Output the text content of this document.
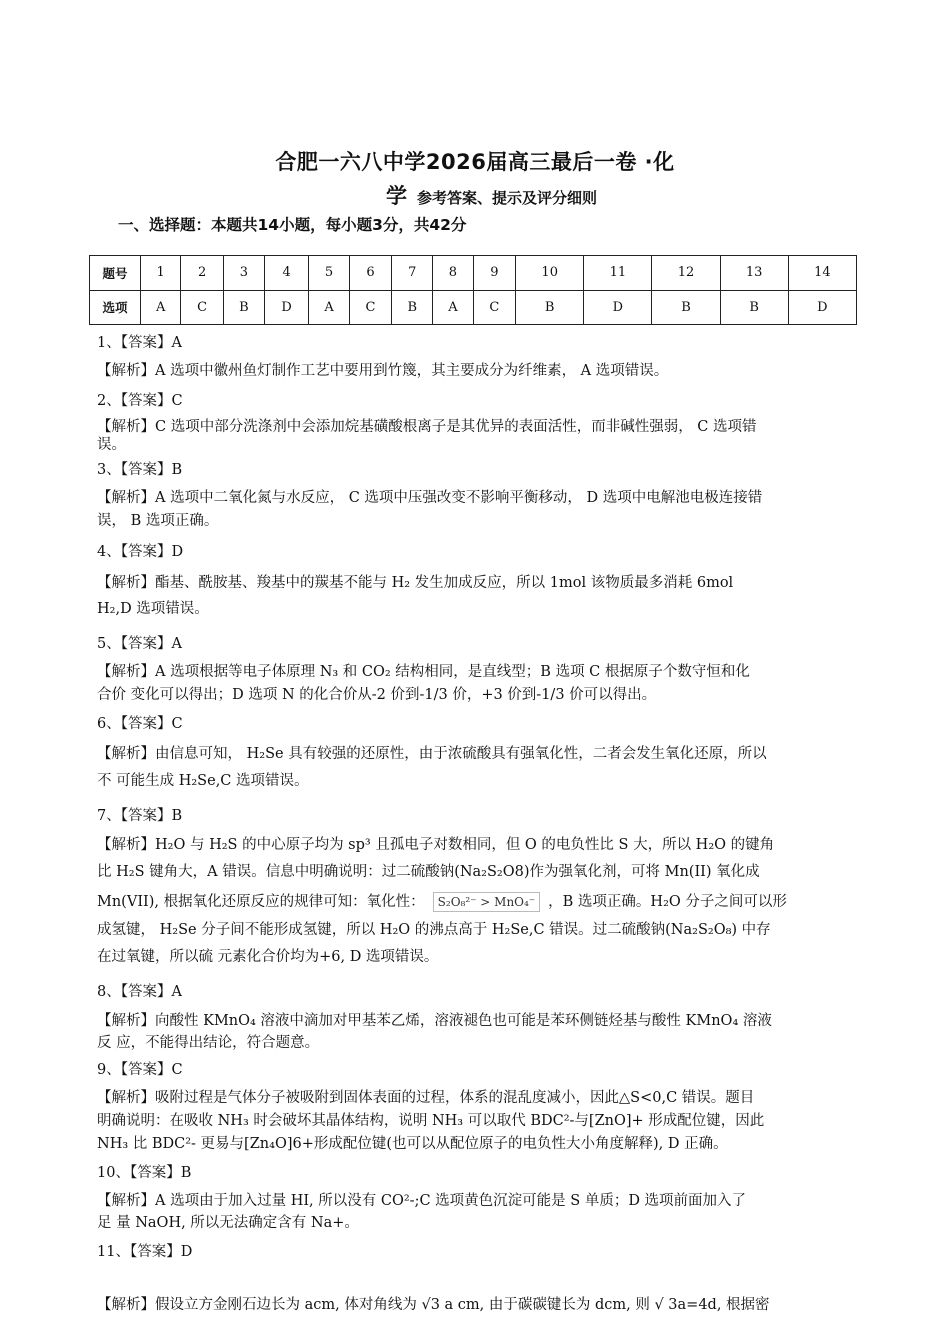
合肥一六八中学2026届高三最后一卷 ·化
学 参考答案、提示及评分细则
一、选择题：本题共14小题，每小题3分，共42分
题号	1	2	3	4	5	6	7	8	9	10	11	12	13	14
选项	A	C	B	D	A	C	B	A	C	B	D	B	B	D
1、【答案】A
【解析】A 选项中徽州鱼灯制作工艺中要用到竹篾，其主要成分为纤维素， A 选项错误。
2、【答案】C
【解析】C 选项中部分洗涤剂中会添加烷基磺酸根离子是其优异的表面活性，而非碱性强弱， C 选项错
误。
3、【答案】B
【解析】A 选项中二氧化氮与水反应， C 选项中压强改变不影响平衡移动， D 选项中电解池电极连接错
误， B 选项正确。
4、【答案】D
【解析】酯基、酰胺基、羧基中的羰基不能与 H₂ 发生加成反应，所以 1mol 该物质最多消耗 6mol
H₂,D 选项错误。
5、【答案】A
【解析】A 选项根据等电子体原理 N₃ 和 CO₂ 结构相同，是直线型；B 选项 C 根据原子个数守恒和化
合价 变化可以得出；D 选项 N 的化合价从-2 价到-1/3 价，+3 价到-1/3 价可以得出。
6、【答案】C
【解析】由信息可知， H₂Se 具有较强的还原性，由于浓硫酸具有强氧化性，二者会发生氧化还原，所以
不 可能生成 H₂Se,C 选项错误。
7、【答案】B
【解析】H₂O 与 H₂S 的中心原子均为 sp³ 且孤电子对数相同，但 O 的电负性比 S 大，所以 H₂O 的键角
比 H₂S 键角大，A 错误。信息中明确说明：过二硫酸钠(Na₂S₂O8)作为强氧化剂，可将 Mn(II) 氧化成
Mn(VII), 根据氧化还原反应的规律可知：氧化性： S₂O₈²⁻ > MnO₄⁻ ，B 选项正确。H₂O 分子之间可以形
成氢键， H₂Se 分子间不能形成氢键，所以 H₂O 的沸点高于 H₂Se,C 错误。过二硫酸钠(Na₂S₂O₈) 中存
在过氧键，所以硫 元素化合价均为+6, D 选项错误。
8、【答案】A
【解析】向酸性 KMnO₄ 溶液中滴加对甲基苯乙烯，溶液褪色也可能是苯环侧链烃基与酸性 KMnO₄ 溶液
反 应，不能得出结论，符合题意。
9、【答案】C
【解析】吸附过程是气体分子被吸附到固体表面的过程，体系的混乱度减小，因此△S<0,C 错误。题目
明确说明：在吸收 NH₃ 时会破坏其晶体结构，说明 NH₃ 可以取代 BDC²-与[ZnO]+ 形成配位键，因此
NH₃ 比 BDC²- 更易与[Zn₄O]6+形成配位键(也可以从配位原子的电负性大小角度解释), D 正确。
10、【答案】B
【解析】A 选项由于加入过量 HI, 所以没有 CO²-;C 选项黄色沉淀可能是 S 单质；D 选项前面加入了
足 量 NaOH, 所以无法确定含有 Na+。
11、【答案】D
【解析】假设立方金刚石边长为 acm, 体对角线为 √3 a cm, 由于碳碳键长为 dcm, 则 √ 3a=4d, 根据密
